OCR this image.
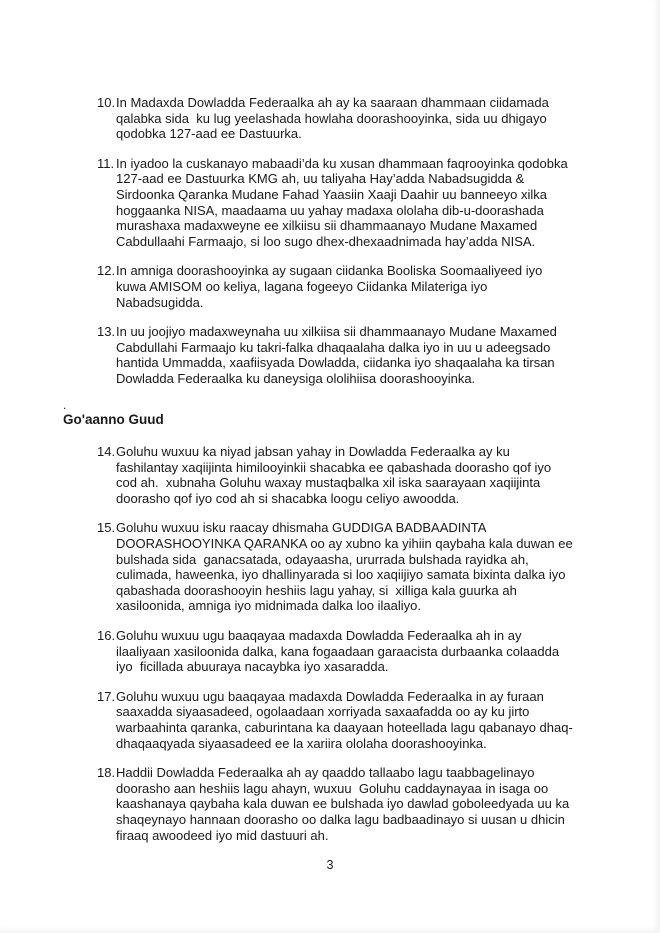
10. In Madaxda Dowladda Federaalka ah ay ka saaraan dhammaan ciidamada qalabka sida  ku lug yeelashada howlaha doorashooyinka, sida uu dhigayo qodobka 127-aad ee Dastuurka.
11. In iyadoo la cuskanayo mabaadi’da ku xusan dhammaan faqrooyinka qodobka 127-aad ee Dastuurka KMG ah, uu taliyaha Hay’adda Nabadsugidda & Sirdoonka Qaranka Mudane Fahad Yaasiin Xaaji Daahir uu banneeyo xilka hoggaanka NISA, maadaama uu yahay madaxa ololaha dib-u-doorashada murashaxa madaxweyne ee xilkiisu sii dhammaanayo Mudane Maxamed Cabdullaahi Farmaajo, si loo sugo dhex-dhexaadnimada hay’adda NISA.
12. In amniga doorashooyinka ay sugaan ciidanka Booliska Soomaaliyeed iyo kuwa AMISOM oo keliya, lagana fogeeyo Ciidanka Milateriga iyo Nabadsugidda.
13. In uu joojiyo madaxweynaha uu xilkiisa sii dhammaanayo Mudane Maxamed Cabdullahi Farmaajo ku takri-falka dhaqaalaha dalka iyo in uu u adeegsado hantida Ummadda, xaafiisyada Dowladda, ciidanka iyo shaqaalaha ka tirsan Dowladda Federaalka ku daneysiga ololihiisa doorashooyinka.
.
Go'aanno Guud
14. Goluhu wuxuu ka niyad jabsan yahay in Dowladda Federaalka ay ku fashilantay xaqiijinta himilooyinkii shacabka ee qabashada doorasho qof iyo cod ah.  xubnaha Goluhu waxay mustaqbalka xil iska saarayaan xaqiijinta doorasho qof iyo cod ah si shacabka loogu celiyo awoodda.
15. Goluhu wuxuu isku raacay dhismaha GUDDIGA BADBAADINTA DOORASHOOYINKA QARANKA oo ay xubno ka yihiin qaybaha kala duwan ee bulshada sida  ganacsatada, odayaasha, ururrada bulshada rayidka ah, culimada, haweenka, iyo dhallinyarada si loo xaqiijiyo samata bixinta dalka iyo qabashada doorashooyin heshiis lagu yahay, si  xilliga kala guurka ah xasiloonida, amniga iyo midnimada dalka loo ilaaliyo.
16. Goluhu wuxuu ugu baaqayaa madaxda Dowladda Federaalka ah in ay ilaaliyaan xasiloonida dalka, kana fogaadaan garaacista durbaanka colaadda iyo  ficillada abuuraya nacaybka iyo xasaradda.
17. Goluhu wuxuu ugu baaqayaa madaxda Dowladda Federaalka in ay furaan saaxadda siyaasadeed, ogolaadaan xorriyada saxaafadda oo ay ku jirto warbaahinta qaranka, caburintana ka daayaan hoteellada lagu qabanayo dhaq-dhaqaaqyada siyaasadeed ee la xariira ololaha doorashooyinka.
18. Haddii Dowladda Federaalka ah ay qaaddo tallaabo lagu taabbagelinayo doorasho aan heshiis lagu ahayn, wuxuu  Goluhu caddaynayaa in isaga oo kaashanaya qaybaha kala duwan ee bulshada iyo dawlad goboleedyada uu ka shaqeynayo hannaan doorasho oo dalka lagu badbaadinayo si uusan u dhicin firaaq awoodeed iyo mid dastuuri ah.
3
